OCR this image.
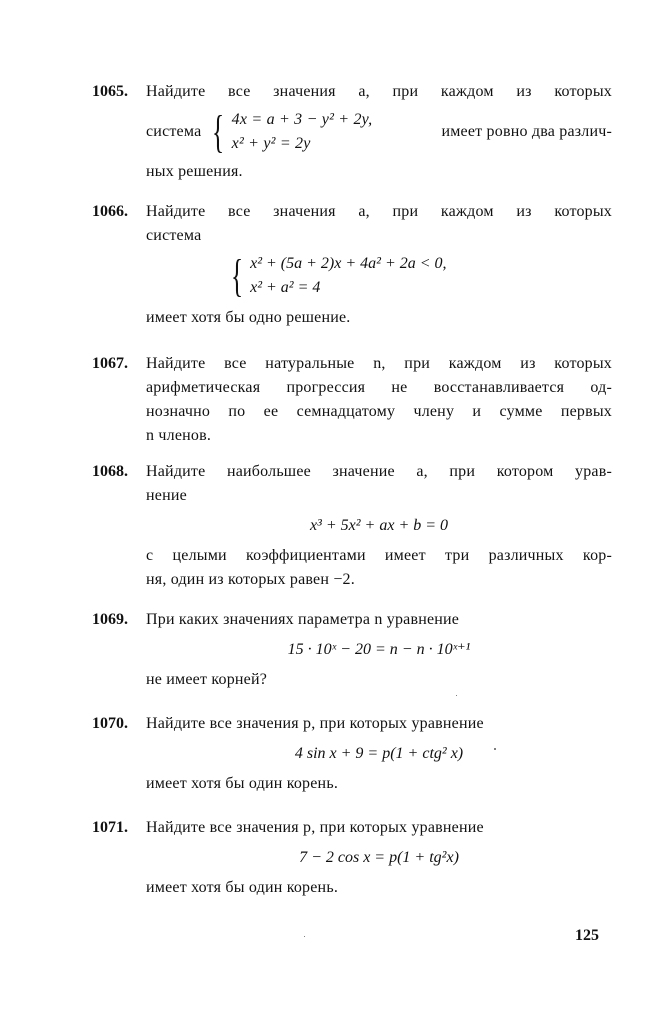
1065.	Найдите все значения a, при каждом из которых
система { 4x = a + 3 − y² + 2y,
x² + y² = 2y
имеет ровно два различ-
ных решения.
1066.	Найдите все значения a, при каждом из которых
система
{ x² + (5a + 2)x + 4a² + 2a < 0,
x² + a² = 4
имеет хотя бы одно решение.
1067.	Найдите все натуральные n, при каждом из которых
арифметическая прогрессия не восстанавливается од-
нозначно по ее семнадцатому члену и сумме первых
n членов.
1068.	Найдите наибольшее значение a, при котором урав-
нение
x³ + 5x² + ax + b = 0
с целыми коэффициентами имеет три различных кор-
ня, один из которых равен −2.
1069.	При каких значениях параметра n уравнение
15 · 10ˣ − 20 = n − n · 10ˣ⁺¹
не имеет корней?
1070.	Найдите все значения p, при которых уравнение
4 sin x + 9 = p(1 + ctg² x)
имеет хотя бы один корень.
1071.	Найдите все значения p, при которых уравнение
7 − 2 cos x = p(1 + tg²x)
имеет хотя бы один корень.
125
